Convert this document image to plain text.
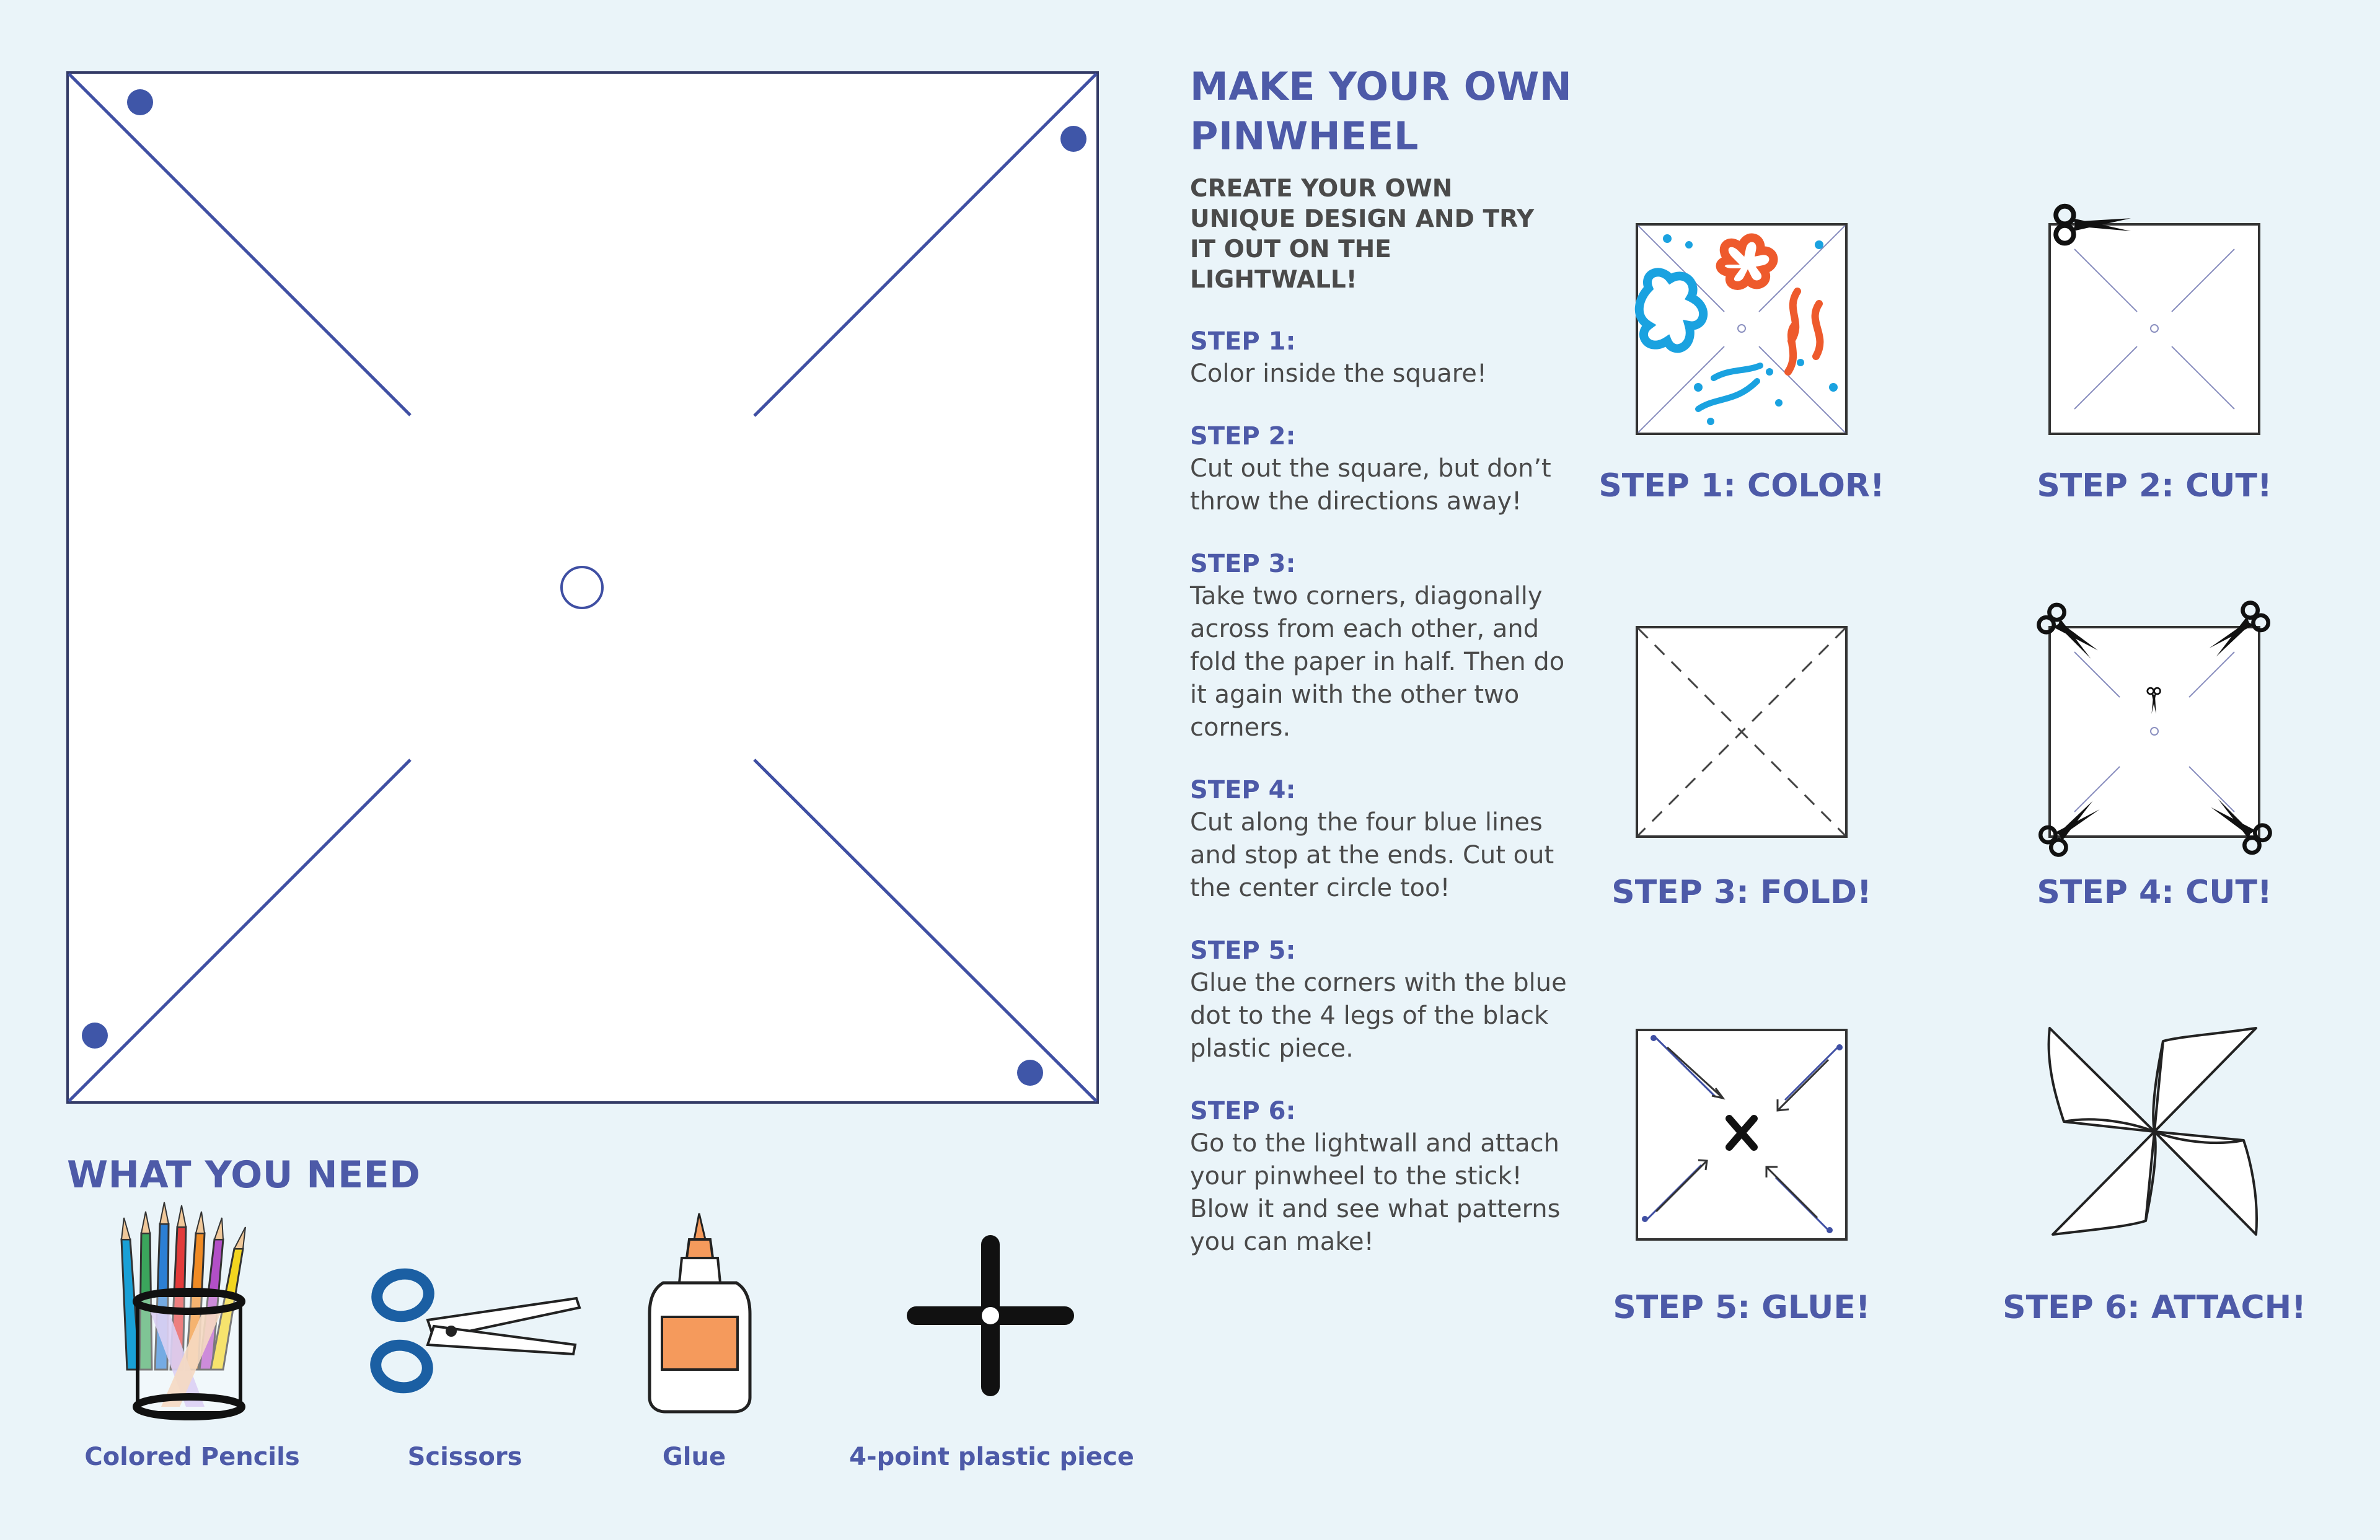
MAKE YOUR OWN PINWHEEL
CREATE YOUR OWN UNIQUE DESIGN AND TRY IT OUT ON THE LIGHTWALL!
STEP 1:
Color inside the square!
STEP 2:
Cut out the square, but don’t throw the directions away!
STEP 3:
Take two corners, diagonally across from each other, and fold the paper in half. Then do it again with the other two corners.
STEP 4:
Cut along the four blue lines and stop at the ends. Cut out the center circle too!
STEP 5:
Glue the corners with the blue dot to the 4 legs of the black plastic piece.
STEP 6:
Go to the lightwall and attach your pinwheel to the stick! Blow it and see what patterns you can make!
STEP 1: COLOR!	STEP 2: CUT!
STEP 3: FOLD!	STEP 4: CUT!
STEP 5: GLUE!	STEP 6: ATTACH!
WHAT YOU NEED
Colored Pencils	Scissors	Glue	4-point plastic piece
